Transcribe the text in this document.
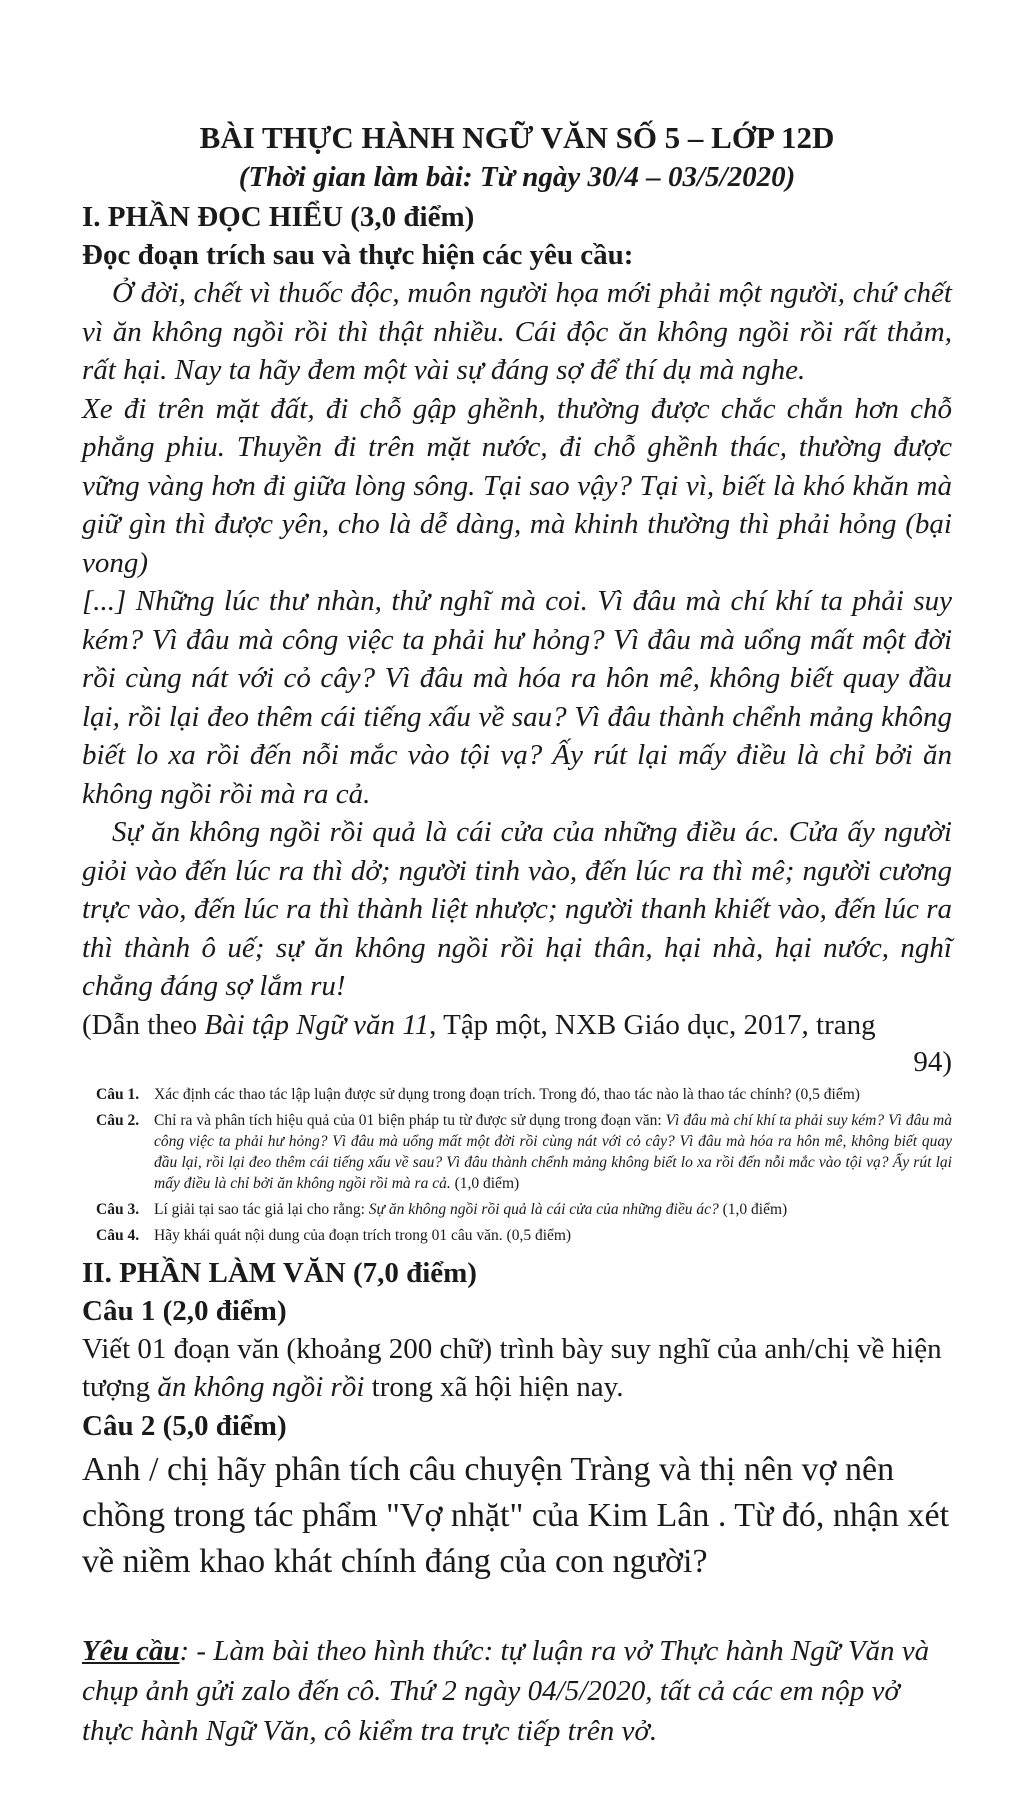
BÀI THỰC HÀNH NGỮ VĂN SỐ 5 – LỚP 12D

(Thời gian làm bài: Từ ngày 30/4 – 03/5/2020)

I. PHẦN ĐỌC HIỂU (3,0 điểm)

Đọc đoạn trích sau và thực hiện các yêu cầu:

Ở đời, chết vì thuốc độc, muôn người họa mới phải một người, chứ chết vì ăn không ngồi rồi thì thật nhiều. Cái độc ăn không ngồi rồi rất thảm, rất hại. Nay ta hãy đem một vài sự đáng sợ để thí dụ mà nghe.

Xe đi trên mặt đất, đi chỗ gập ghềnh, thường được chắc chắn hơn chỗ phẳng phiu. Thuyền đi trên mặt nước, đi chỗ ghềnh thác, thường được vững vàng hơn đi giữa lòng sông. Tại sao vậy? Tại vì, biết là khó khăn mà giữ gìn thì được yên, cho là dễ dàng, mà khinh thường thì phải hỏng (bại vong)

[...] Những lúc thư nhàn, thử nghĩ mà coi. Vì đâu mà chí khí ta phải suy kém? Vì đâu mà công việc ta phải hư hỏng? Vì đâu mà uổng mất một đời rồi cùng nát với cỏ cây? Vì đâu mà hóa ra hôn mê, không biết quay đầu lại, rồi lại đeo thêm cái tiếng xấu về sau? Vì đâu thành chểnh mảng không biết lo xa rồi đến nỗi mắc vào tội vạ? Ấy rút lại mấy điều là chỉ bởi ăn không ngồi rồi mà ra cả.

Sự ăn không ngồi rồi quả là cái cửa của những điều ác. Cửa ấy người giỏi vào đến lúc ra thì dở; người tinh vào, đến lúc ra thì mê; người cương trực vào, đến lúc ra thì thành liệt nhược; người thanh khiết vào, đến lúc ra thì thành ô uế; sự ăn không ngồi rồi hại thân, hại nhà, hại nước, nghĩ chẳng đáng sợ lắm ru!

(Dẫn theo Bài tập Ngữ văn 11, Tập một, NXB Giáo dục, 2017, trang

94)

Câu 1. Xác định các thao tác lập luận được sử dụng trong đoạn trích. Trong đó, thao tác nào là thao tác chính? (0,5 điểm)
Câu 2. Chỉ ra và phân tích hiệu quả của 01 biện pháp tu từ được sử dụng trong đoạn văn: Vì đâu mà chí khí ta phải suy kém? Vì đâu mà công việc ta phải hư hỏng? Vì đâu mà uổng mất một đời rồi cùng nát với cỏ cây? Vì đâu mà hóa ra hôn mê, không biết quay đầu lại, rồi lại đeo thêm cái tiếng xấu về sau? Vì đâu thành chểnh mảng không biết lo xa rồi đến nỗi mắc vào tội vạ? Ấy rút lại mấy điều là chỉ bởi ăn không ngồi rồi mà ra cả. (1,0 điểm)
Câu 3. Lí giải tại sao tác giả lại cho rằng: Sự ăn không ngồi rồi quả là cái cửa của những điều ác? (1,0 điểm)
Câu 4. Hãy khái quát nội dung của đoạn trích trong 01 câu văn. (0,5 điểm)

II. PHẦN LÀM VĂN (7,0 điểm)

Câu 1 (2,0 điểm)

Viết 01 đoạn văn (khoảng 200 chữ) trình bày suy nghĩ của anh/chị về hiện tượng ăn không ngồi rồi trong xã hội hiện nay.

Câu 2 (5,0 điểm)

Anh / chị hãy phân tích câu chuyện Tràng và thị nên vợ nên chồng trong tác phẩm "Vợ nhặt" của Kim Lân . Từ đó, nhận xét về niềm khao khát chính đáng của con người?

Yêu cầu: - Làm bài theo hình thức: tự luận ra vở Thực hành Ngữ Văn và chụp ảnh gửi zalo đến cô. Thứ 2 ngày 04/5/2020, tất cả các em nộp vở thực hành Ngữ Văn, cô kiểm tra trực tiếp trên vở.
